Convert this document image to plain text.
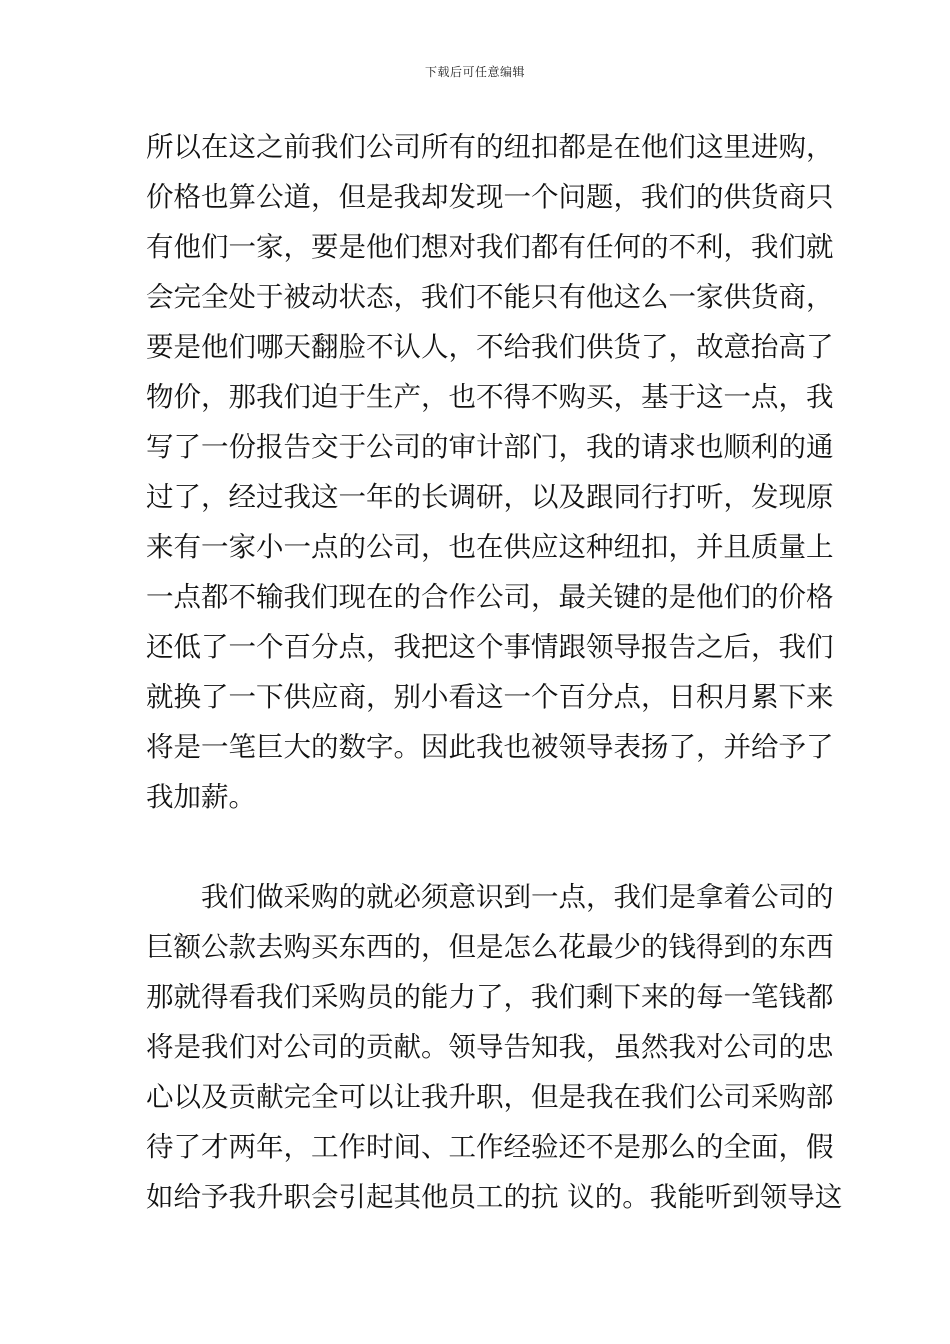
下载后可任意编辑
所以在这之前我们公司所有的纽扣都是在他们这里进购，
价格也算公道，但是我却发现一个问题，我们的供货商只
有他们一家，要是他们想对我们都有任何的不利，我们就
会完全处于被动状态，我们不能只有他这么一家供货商，
要是他们哪天翻脸不认人，不给我们供货了，故意抬高了
物价，那我们迫于生产，也不得不购买，基于这一点，我
写了一份报告交于公司的审计部门，我的请求也顺利的通
过了，经过我这一年的长调研，以及跟同行打听，发现原
来有一家小一点的公司，也在供应这种纽扣，并且质量上
一点都不输我们现在的合作公司，最关键的是他们的价格
还低了一个百分点，我把这个事情跟领导报告之后，我们
就换了一下供应商，别小看这一个百分点，日积月累下来
将是一笔巨大的数字。因此我也被领导表扬了，并给予了
我加薪。
我们做采购的就必须意识到一点，我们是拿着公司的
巨额公款去购买东西的，但是怎么花最少的钱得到的东西
那就得看我们采购员的能力了，我们剩下来的每一笔钱都
将是我们对公司的贡献。领导告知我，虽然我对公司的忠
心以及贡献完全可以让我升职，但是我在我们公司采购部
待了才两年，工作时间、工作经验还不是那么的全面，假
如给予我升职会引起其他员工的抗 议的。我能听到领导这
